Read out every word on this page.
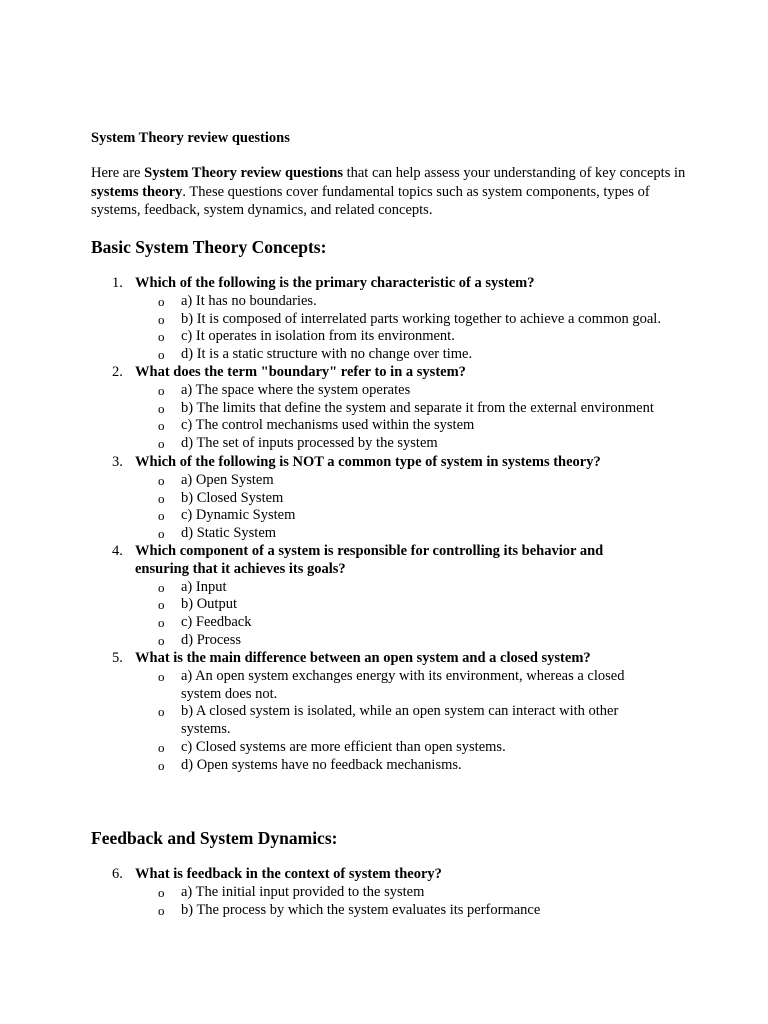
System Theory review questions
Here are System Theory review questions that can help assess your understanding of key concepts in systems theory. These questions cover fundamental topics such as system components, types of systems, feedback, system dynamics, and related concepts.
Basic System Theory Concepts:
1. Which of the following is the primary characteristic of a system?
o a) It has no boundaries.
o b) It is composed of interrelated parts working together to achieve a common goal.
o c) It operates in isolation from its environment.
o d) It is a static structure with no change over time.
2. What does the term "boundary" refer to in a system?
o a) The space where the system operates
o b) The limits that define the system and separate it from the external environment
o c) The control mechanisms used within the system
o d) The set of inputs processed by the system
3. Which of the following is NOT a common type of system in systems theory?
o a) Open System
o b) Closed System
o c) Dynamic System
o d) Static System
4. Which component of a system is responsible for controlling its behavior and ensuring that it achieves its goals?
o a) Input
o b) Output
o c) Feedback
o d) Process
5. What is the main difference between an open system and a closed system?
o a) An open system exchanges energy with its environment, whereas a closed system does not.
o b) A closed system is isolated, while an open system can interact with other systems.
o c) Closed systems are more efficient than open systems.
o d) Open systems have no feedback mechanisms.
Feedback and System Dynamics:
6. What is feedback in the context of system theory?
o a) The initial input provided to the system
o b) The process by which the system evaluates its performance
